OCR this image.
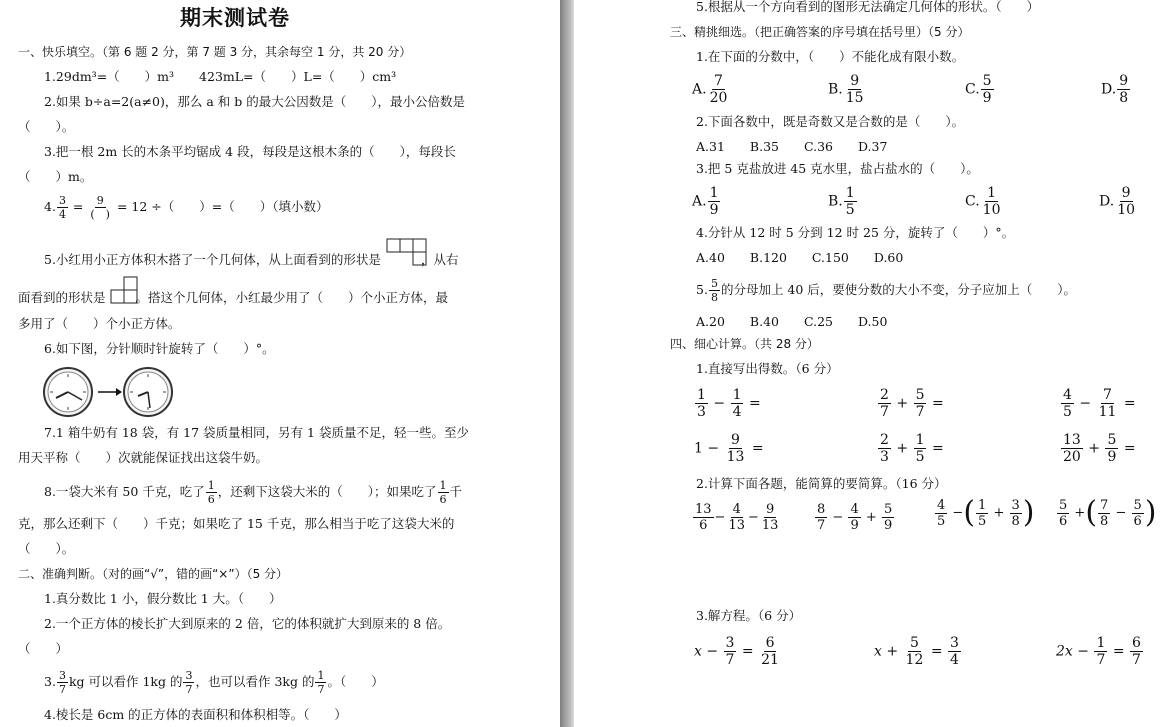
期末测试卷
一、快乐填空。（第 6 题 2 分，第 7 题 3 分，其余每空 1 分，共 20 分）
1.29dm³=（　　）m³　　423mL=（　　）L=（　　）cm³
2.如果 b÷a=2(a≠0)，那么 a 和 b 的最大公因数是（　　），最小公倍数是
（　　）。
3.把一根 2m 长的木条平均锯成 4 段，每段是这根木条的（　　），每段长
（　　）m。
4. $\frac{3}{4} = \frac{9}{( )} = 12$ ÷（　　）=（　　）（填小数）
5.小红用小正方体积木搭了一个几何体，从上面看到的形状是	，从右
面看到的形状是 。搭这个几何体，小红最少用了（　　）个小正方体，最
多用了（　　）个小正方体。
6.如下图，分针顺时针旋转了（　　）°。
7.1 箱牛奶有 18 袋，有 17 袋质量相同，另有 1 袋质量不足，轻一些。至少
用天平称（　　）次就能保证找出这袋牛奶。
8.一袋大米有 50 千克，吃了 $\frac{1}{6}$ ，还剩下这袋大米的（　　）；如果吃了 $\frac{1}{6}$ 千
克，那么还剩下（　　）千克；如果吃了 15 千克，那么相当于吃了这袋大米的
（　　）。
二、准确判断。（对的画“√”，错的画“×”）（5 分）
1.真分数比 1 小，假分数比 1 大。（　　）
2.一个正方体的棱长扩大到原来的 2 倍，它的体积就扩大到原来的 8 倍。
（　　）
3. $\frac{3}{7}$ kg 可以看作 1kg 的 $\frac{3}{7}$ ，也可以看作 3kg 的 $\frac{1}{7}$ 。（　　）
4.棱长是 6cm 的正方体的表面积和体积相等。（　　）
5.根据从一个方向看到的图形无法确定几何体的形状。（　　）
三、精挑细选。（把正确答案的序号填在括号里）（5 分）
1.在下面的分数中，（　　）不能化成有限小数。
A. $\frac{7}{20}$	B. $\frac{9}{15}$	C. $\frac{5}{9}$	D. $\frac{9}{8}$
2.下面各数中，既是奇数又是合数的是（　　）。
A.31　　B.35　　C.36　　D.37
3.把 5 克盐放进 45 克水里，盐占盐水的（　　）。
A. $\frac{1}{9}$	B. $\frac{1}{5}$	C. $\frac{1}{10}$	D. $\frac{9}{10}$
4.分针从 12 时 5 分到 12 时 25 分，旋转了（　　）°。
A.40　　B.120　　C.150　　D.60
5. $\frac{5}{8}$ 的分母加上 40 后，要使分数的大小不变，分子应加上（　　）。
A.20　　B.40　　C.25　　D.50
四、细心计算。（共 28 分）
1.直接写出得数。（6 分）
$\frac{1}{3} - \frac{1}{4}$ =	$\frac{2}{7} + \frac{5}{7}$ =	$\frac{4}{5} - \frac{7}{11}$ =
$1 - \frac{9}{13}$ =	$\frac{2}{3} + \frac{1}{5}$ =	$\frac{13}{20} + \frac{5}{9}$ =
2.计算下面各题，能简算的要简算。（16 分）
$\frac{13}{6} - \frac{4}{13} - \frac{9}{13}$	$\frac{8}{7} - \frac{4}{9} + \frac{5}{9}$	$\frac{4}{5}$ −( $\frac{1}{5} + \frac{3}{8}$ ) $\frac{5}{6}$ +( $\frac{7}{8} - \frac{5}{6}$ )
3.解方程。（6 分）
$x - \frac{3}{7} = \frac{6}{21}$	$x + \frac{5}{12} = \frac{3}{4}$	$2x - \frac{1}{7} = \frac{6}{7}$
